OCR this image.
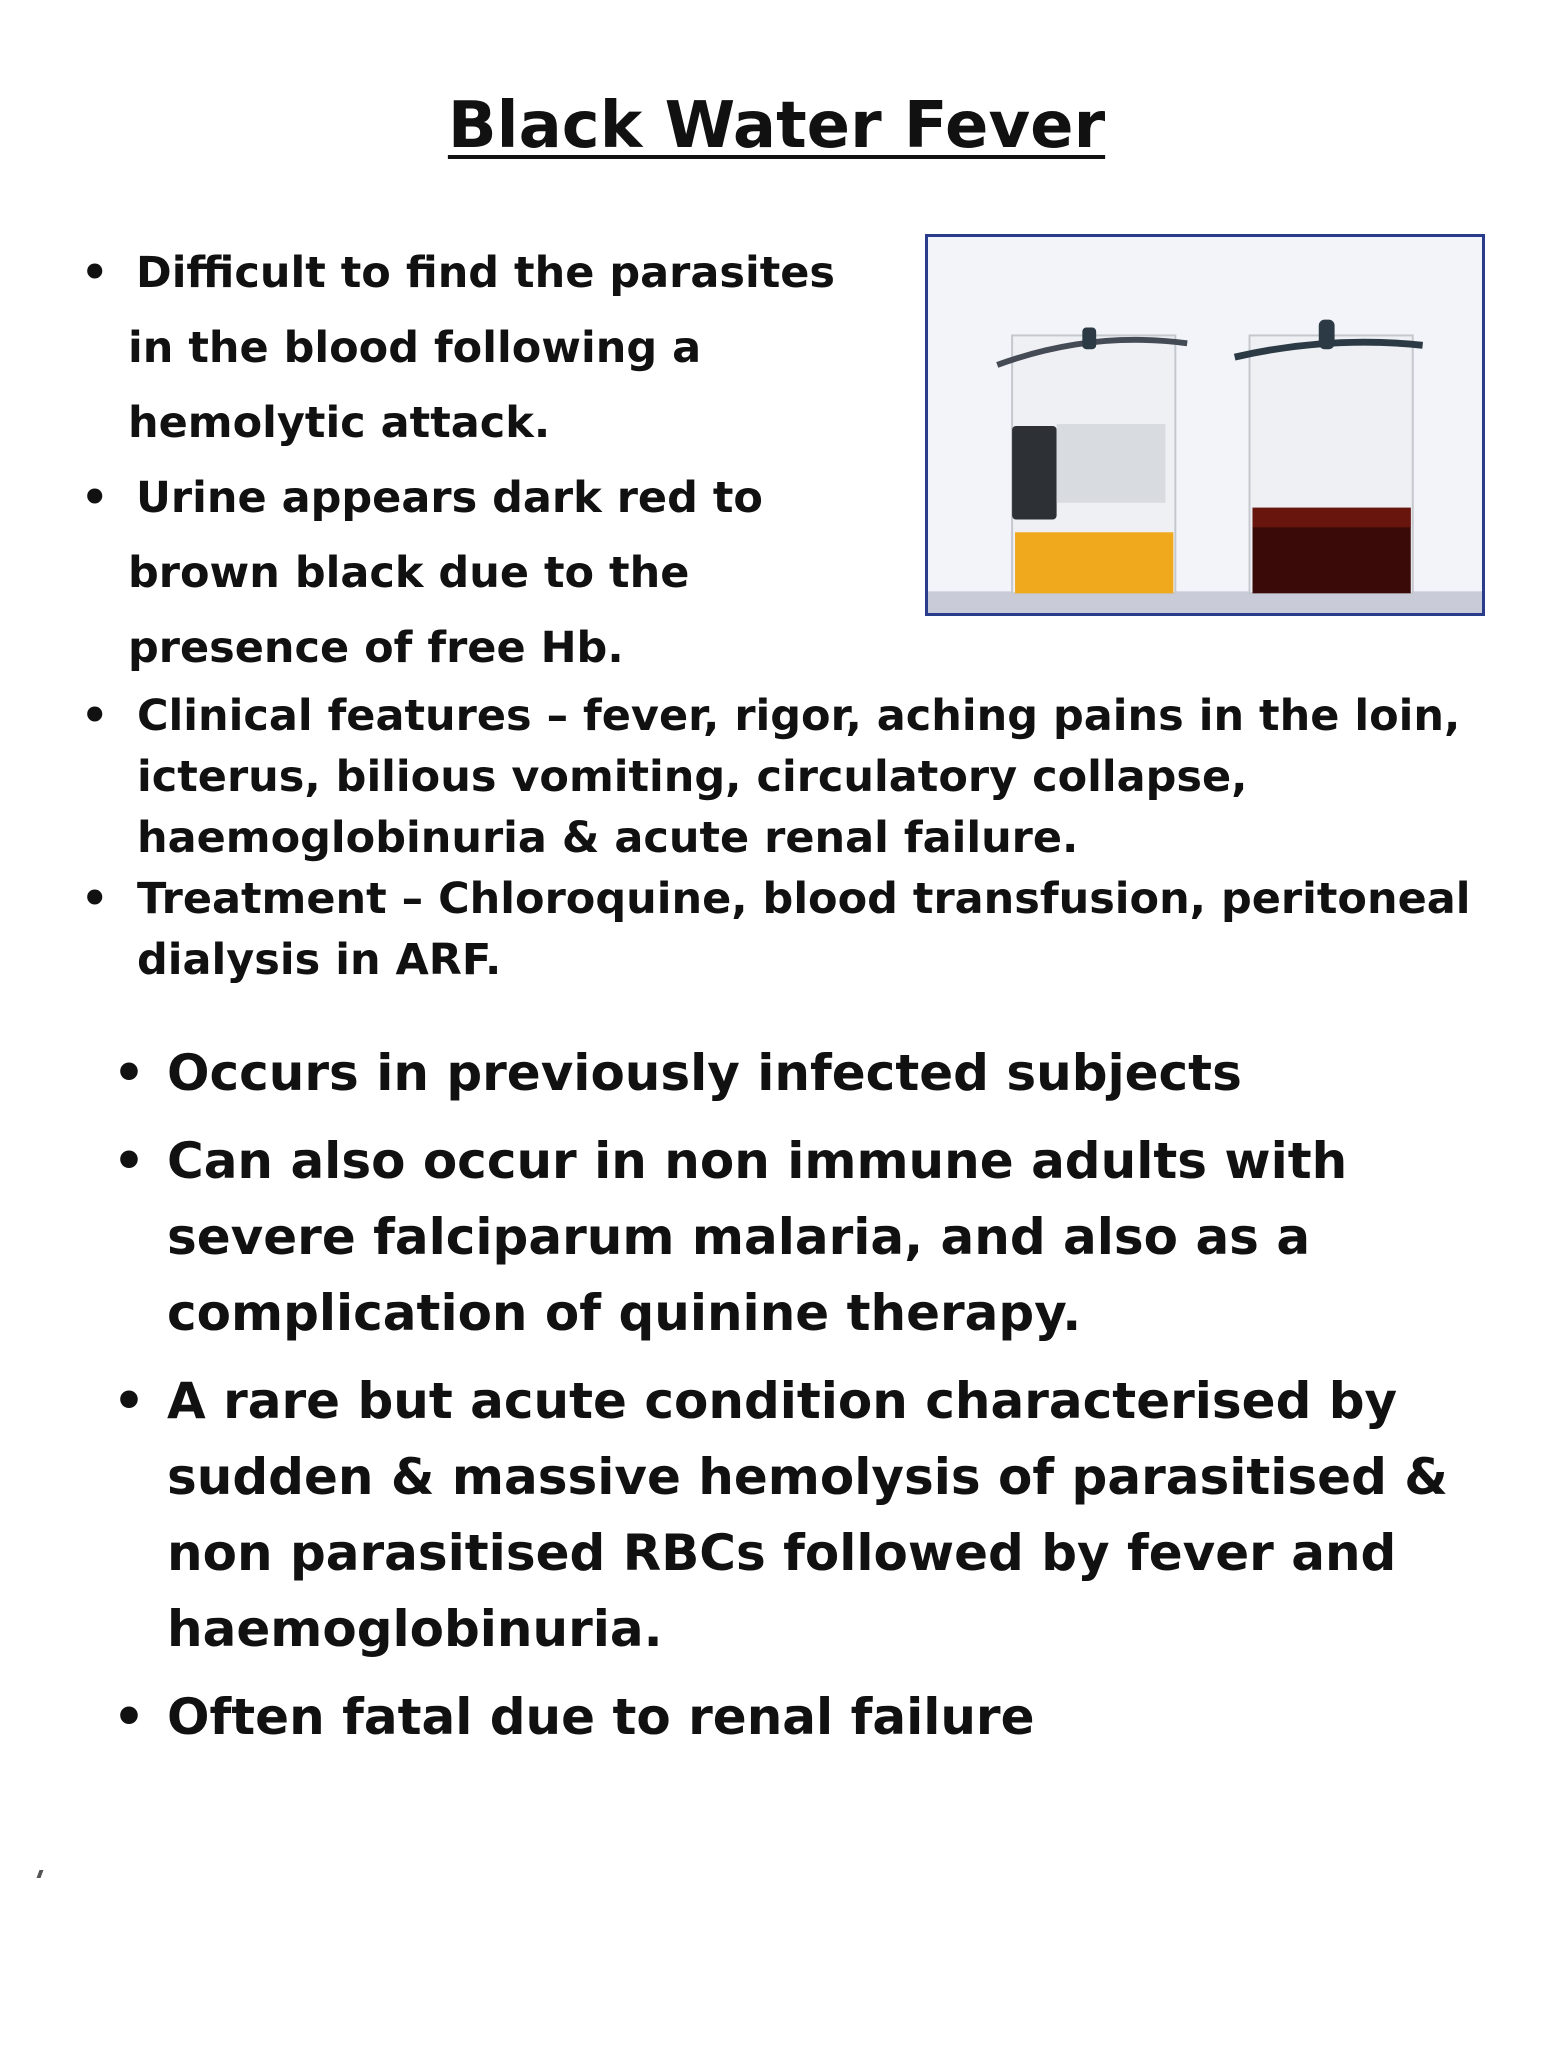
Black Water Fever
• Difficult to find the parasites in the blood following a hemolytic attack.
• Urine appears dark red to brown black due to the presence of free Hb.
• Clinical features – fever, rigor, aching pains in the loin, icterus, bilious vomiting, circulatory collapse, haemoglobinuria & acute renal failure.
• Treatment – Chloroquine, blood transfusion, peritoneal dialysis in ARF.
• Occurs in previously infected subjects
• Can also occur in non immune adults with severe falciparum malaria, and also as a complication of quinine therapy.
• A rare but acute condition characterised by sudden & massive hemolysis of parasitised & non parasitised RBCs followed by fever and haemoglobinuria.
• Often fatal due to renal failure
